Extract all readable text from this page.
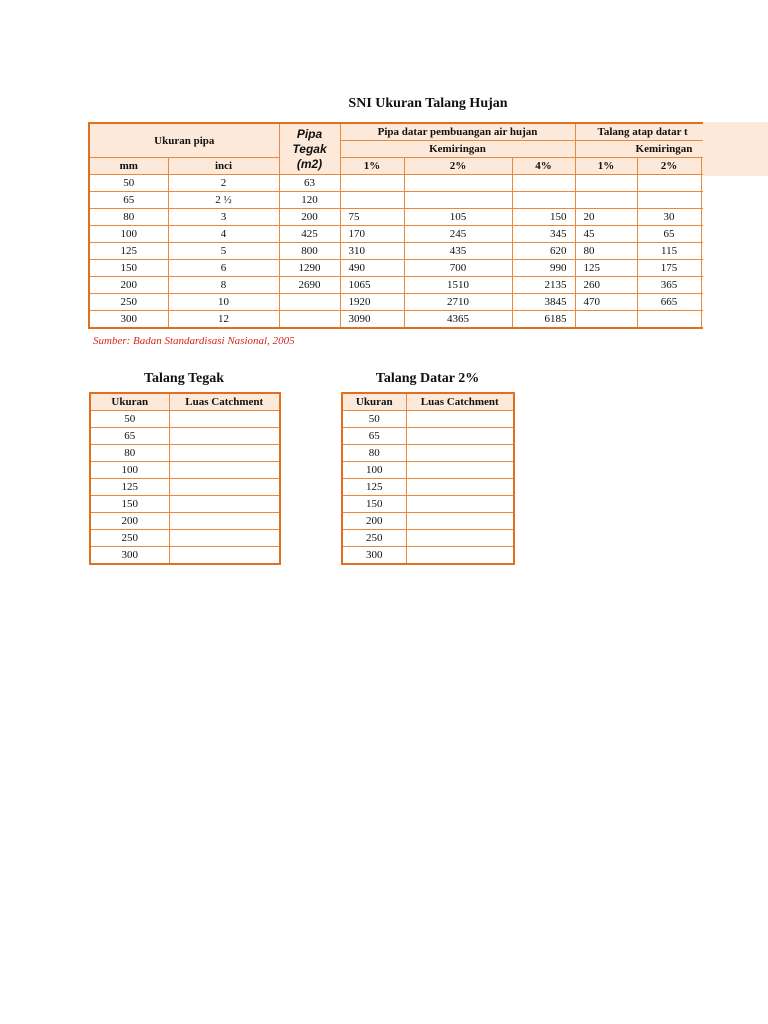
SNI Ukuran Talang Hujan
Ukuran pipa		Pipa Tegak (m2)	Pipa datar pembuangan air hujan			Talang atap datar t		
			Kemiringan			Kemiringan		
mm	inci		1%	2%	4%	1%	2%	
50	2	63						
65	2 ½	120						
80	3	200	75	105	150	20	30	
100	4	425	170	245	345	45	65	
125	5	800	310	435	620	80	115	
150	6	1290	490	700	990	125	175	
200	8	2690	1065	1510	2135	260	365	
250	10		1920	2710	3845	470	665	
300	12		3090	4365	6185			
Sumber: Badan Standardisasi Nasional, 2005
Talang Tegak
Ukuran	Luas Catchment
50	
65	
80	
100	
125	
150	
200	
250	
300	
Talang Datar 2%
Ukuran	Luas Catchment
50	
65	
80	
100	
125	
150	
200	
250	
300	
